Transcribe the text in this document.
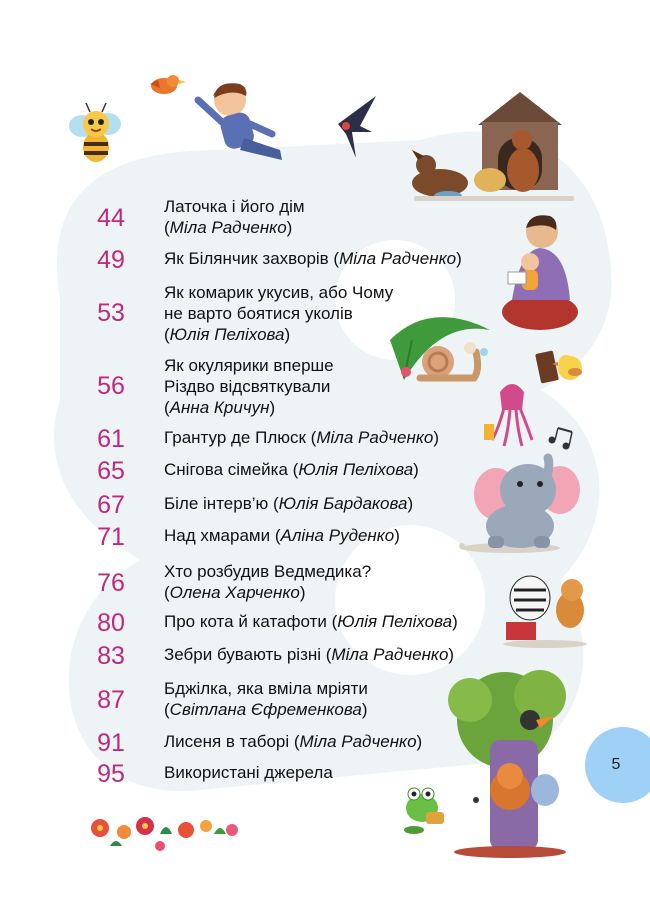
44	Латочка і його дім
(Міла Радченко)
49	Як Білянчик захворів (Міла Радченко)
53
Як комарик укусив, або Чому
не варто боятися уколів
(Юлія Пеліхова)
56
Як окулярики вперше
Різдво відсвяткували
(Анна Кричун)
61	Грантур де Плюск (Міла Радченко)
65	Снігова сімейка (Юлія Пеліхова)
67	Біле інтерв’ю (Юлія Бардакова)
71	Над хмарами (Аліна Руденко)
76	Хто розбудив Ведмедика?
(Олена Харченко)
80	Про кота й катафоти (Юлія Пеліхова)
83	Зебри бувають різні (Міла Радченко)
87	Бджілка, яка вміла мріяти
(Світлана Єфременкова)
91	Лисеня в таборі (Міла Радченко)
95	Використані джерела	5
